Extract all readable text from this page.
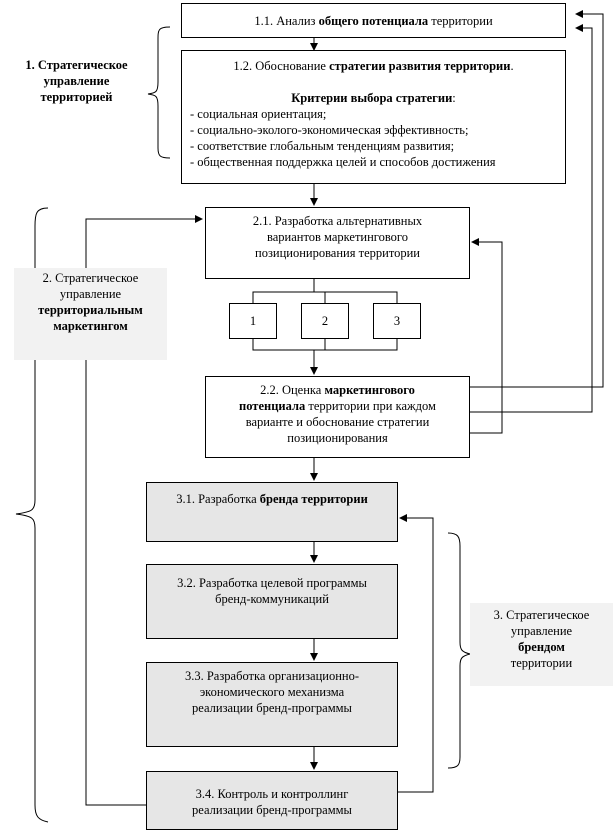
1.1. Анализ общего потенциала территории
1.2. Обоснование стратегии развития территории.
Критерии выбора стратегии:
- социальная ориентация;
- социально-эколого-экономическая эффективность;
- соответствие глобальным тенденциям развития;
- общественная поддержка целей и способов достижения
2.1. Разработка альтернативных
вариантов маркетингового
позиционирования территории
1	2	3
2.2. Оценка маркетингового
потенциала территории при каждом
варианте и обоснование стратегии
позиционирования
3.1. Разработка бренда территории
3.2. Разработка целевой программы
бренд-коммуникаций
3.3. Разработка организационно-
экономического механизма
реализации бренд-программы
3.4. Контроль и контроллинг
реализации бренд-программы
1. Стратегическое
управление
территорией
2. Стратегическое
управление
территориальным
маркетингом
3. Стратегическое
управление
брендом
территории
